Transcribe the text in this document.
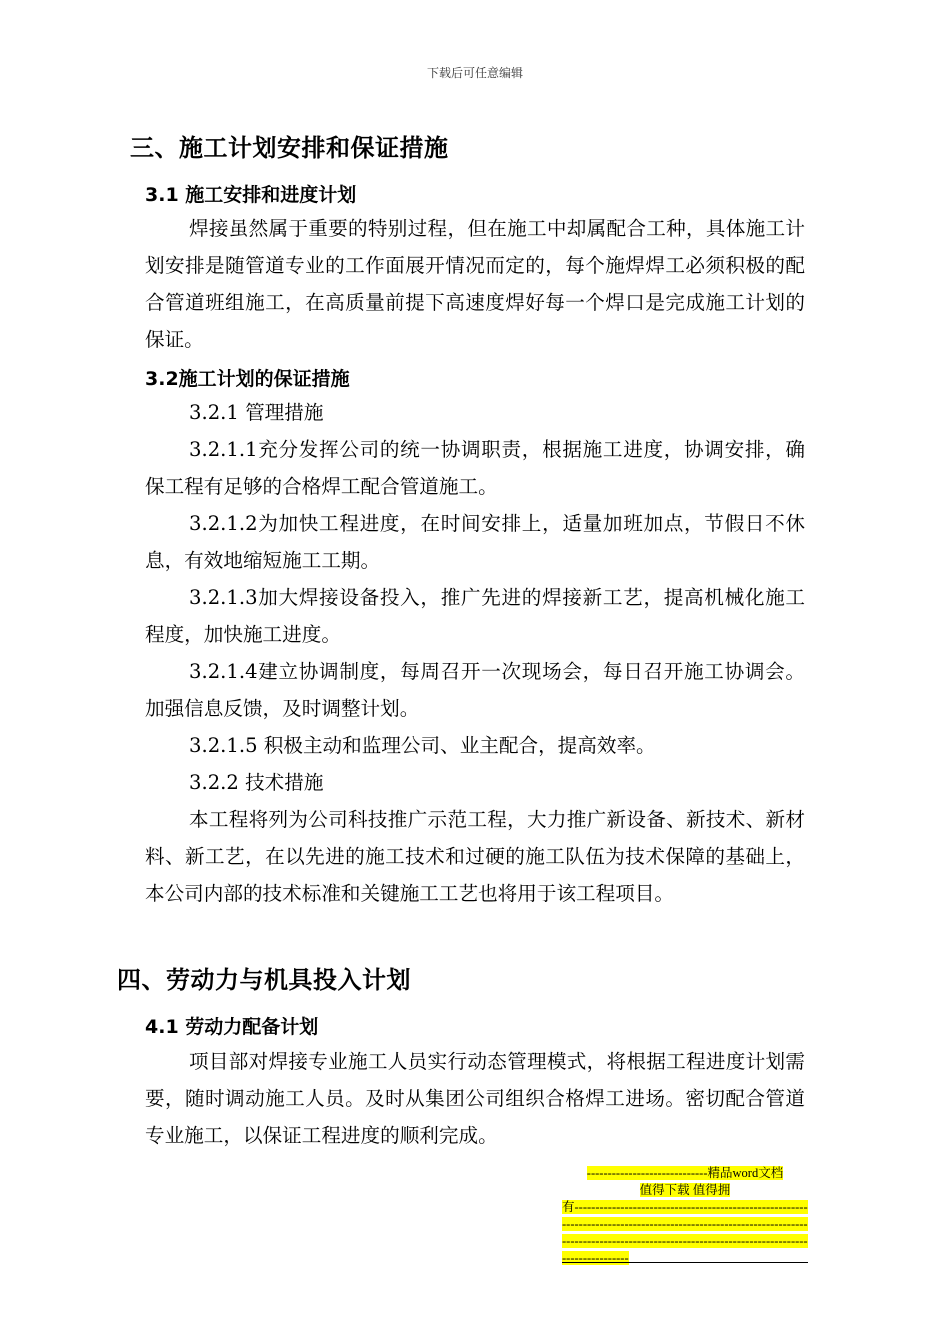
下载后可任意编辑
三、施工计划安排和保证措施
3.1 施工安排和进度计划
焊接虽然属于重要的特别过程，但在施工中却属配合工种，具体施工计划安排是随管道专业的工作面展开情况而定的，每个施焊焊工必须积极的配合管道班组施工，在高质量前提下高速度焊好每一个焊口是完成施工计划的保证。
3.2施工计划的保证措施
3.2.1 管理措施
3.2.1.1充分发挥公司的统一协调职责，根据施工进度，协调安排，确保工程有足够的合格焊工配合管道施工。
3.2.1.2为加快工程进度，在时间安排上，适量加班加点，节假日不休息，有效地缩短施工工期。
3.2.1.3加大焊接设备投入，推广先进的焊接新工艺，提高机械化施工程度，加快施工进度。
3.2.1.4建立协调制度，每周召开一次现场会，每日召开施工协调会。加强信息反馈，及时调整计划。
3.2.1.5 积极主动和监理公司、业主配合，提高效率。
3.2.2 技术措施
本工程将列为公司科技推广示范工程，大力推广新设备、新技术、新材料、新工艺，在以先进的施工技术和过硬的施工队伍为技术保障的基础上，本公司内部的技术标准和关键施工工艺也将用于该工程项目。
四、劳动力与机具投入计划
4.1 劳动力配备计划
项目部对焊接专业施工人员实行动态管理模式，将根据工程进度计划需要，随时调动施工人员。及时从集团公司组织合格焊工进场。密切配合管道专业施工，以保证工程进度的顺利完成。
-----------------------------精品word文档
值得下载 值得拥
有----------------------------------------------------------------------------------------------------------------------------------------------------------------------------------------------
